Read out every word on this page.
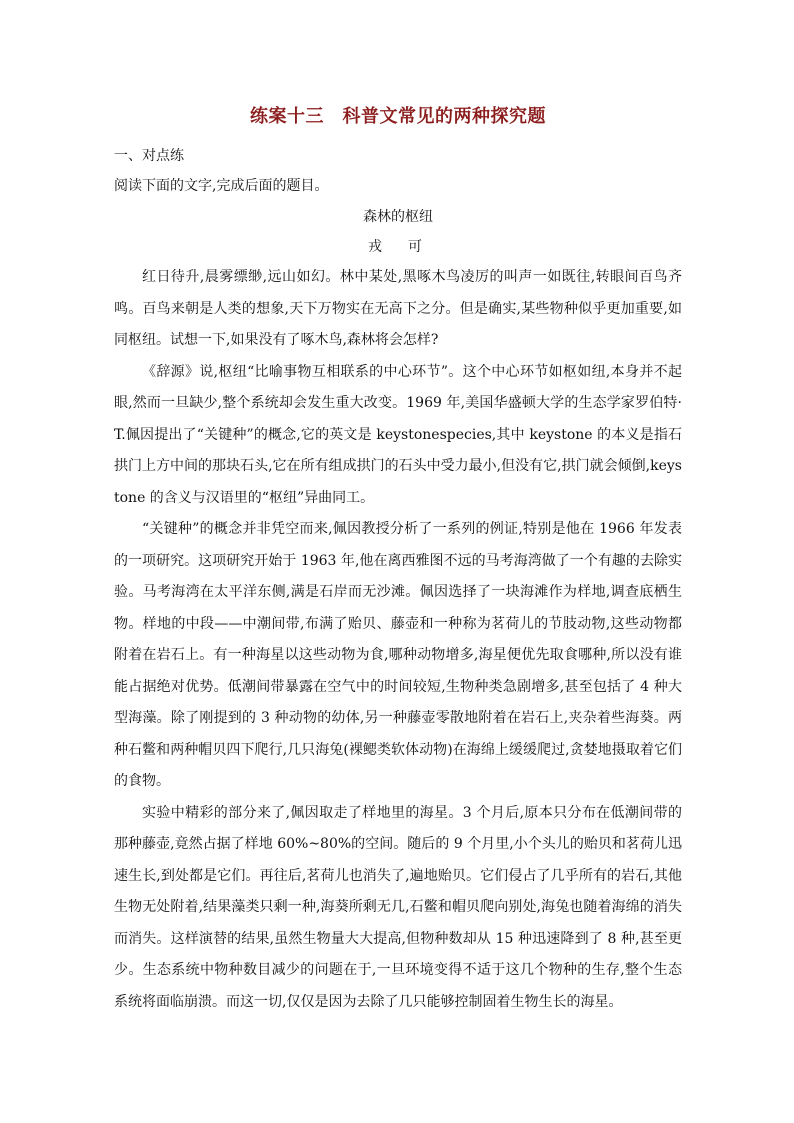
练案十三　科普文常见的两种探究题

一、对点练

阅读下面的文字,完成后面的题目。

森林的枢纽

戎　可

红日待升,晨雾缥缈,远山如幻。林中某处,黑啄木鸟凌厉的叫声一如既往,转眼间百鸟齐鸣。百鸟来朝是人类的想象,天下万物实在无高下之分。但是确实,某些物种似乎更加重要,如同枢纽。试想一下,如果没有了啄木鸟,森林将会怎样?

《辞源》说,枢纽“比喻事物互相联系的中心环节”。这个中心环节如枢如纽,本身并不起眼,然而一旦缺少,整个系统却会发生重大改变。1969 年,美国华盛顿大学的生态学家罗伯特·T.佩因提出了“关键种”的概念,它的英文是 keystonespecies,其中 keystone 的本义是指石拱门上方中间的那块石头,它在所有组成拱门的石头中受力最小,但没有它,拱门就会倾倒,keystone 的含义与汉语里的“枢纽”异曲同工。

“关键种”的概念并非凭空而来,佩因教授分析了一系列的例证,特别是他在 1966 年发表的一项研究。这项研究开始于 1963 年,他在离西雅图不远的马考海湾做了一个有趣的去除实验。马考海湾在太平洋东侧,满是石岸而无沙滩。佩因选择了一块海滩作为样地,调查底栖生物。样地的中段——中潮间带,布满了贻贝、藤壶和一种称为茗荷儿的节肢动物,这些动物都附着在岩石上。有一种海星以这些动物为食,哪种动物增多,海星便优先取食哪种,所以没有谁能占据绝对优势。低潮间带暴露在空气中的时间较短,生物种类急剧增多,甚至包括了 4 种大型海藻。除了刚提到的 3 种动物的幼体,另一种藤壶零散地附着在岩石上,夹杂着些海葵。两种石鳖和两种帽贝四下爬行,几只海兔(裸鳃类软体动物)在海绵上缓缓爬过,贪婪地摄取着它们的食物。

实验中精彩的部分来了,佩因取走了样地里的海星。3 个月后,原本只分布在低潮间带的那种藤壶,竟然占据了样地 60%~80%的空间。随后的 9 个月里,小个头儿的贻贝和茗荷儿迅速生长,到处都是它们。再往后,茗荷儿也消失了,遍地贻贝。它们侵占了几乎所有的岩石,其他生物无处附着,结果藻类只剩一种,海葵所剩无几,石鳖和帽贝爬向别处,海兔也随着海绵的消失而消失。这样演替的结果,虽然生物量大大提高,但物种数却从 15 种迅速降到了 8 种,甚至更少。生态系统中物种数目减少的问题在于,一旦环境变得不适于这几个物种的生存,整个生态系统将面临崩溃。而这一切,仅仅是因为去除了几只能够控制固着生物生长的海星。
